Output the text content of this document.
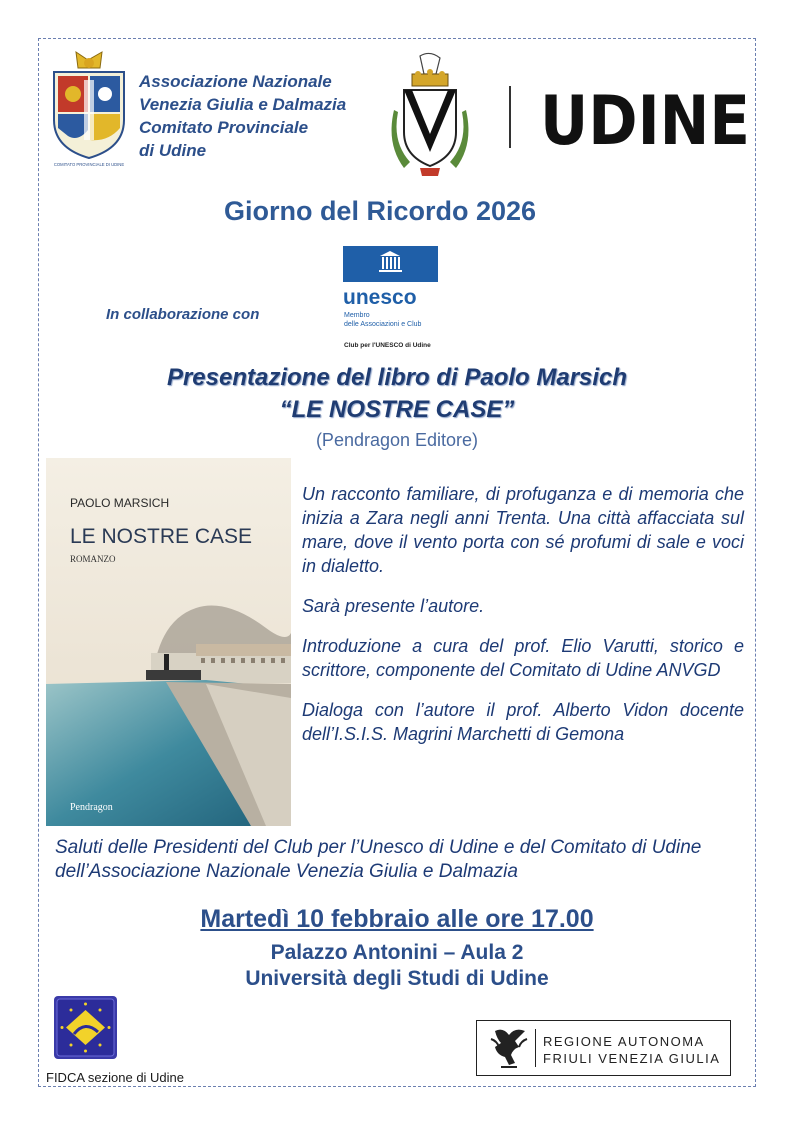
COMITATO PROVINCIALE DI UDINE
Associazione Nazionale
Venezia Giulia e Dalmazia
Comitato Provinciale
di Udine	UDINE
Giorno del Ricordo 2026
In collaborazione con
unesco
Membro
delle Associazioni e Club
Club per l'UNESCO di Udine
Presentazione del libro di Paolo Marsich
“LE NOSTRE CASE”
(Pendragon Editore)
PAOLO MARSICH
LE NOSTRE CASE
ROMANZO
Pendragon

Un racconto familiare, di profuganza e di memoria che inizia a Zara negli anni Trenta. Una città affacciata sul mare, dove il vento porta con sé profumi di sale e voci in dialetto.

Sarà presente l’autore.

Introduzione a cura del prof. Elio Varutti, storico e scrittore, componente del Comitato di Udine ANVGD

Dialoga con l’autore il prof. Alberto Vidon docente dell’I.S.I.S. Magrini Marchetti di Gemona

Saluti delle Presidenti del Club per l’Unesco di Udine e del Comitato di Udine dell’Associazione Nazionale Venezia Giulia e Dalmazia
Martedì 10 febbraio alle ore 17.00
Palazzo Antonini – Aula 2
Università degli Studi di Udine
FIDCA sezione di Udine
REGIONE AUTONOMA
FRIULI VENEZIA GIULIA
